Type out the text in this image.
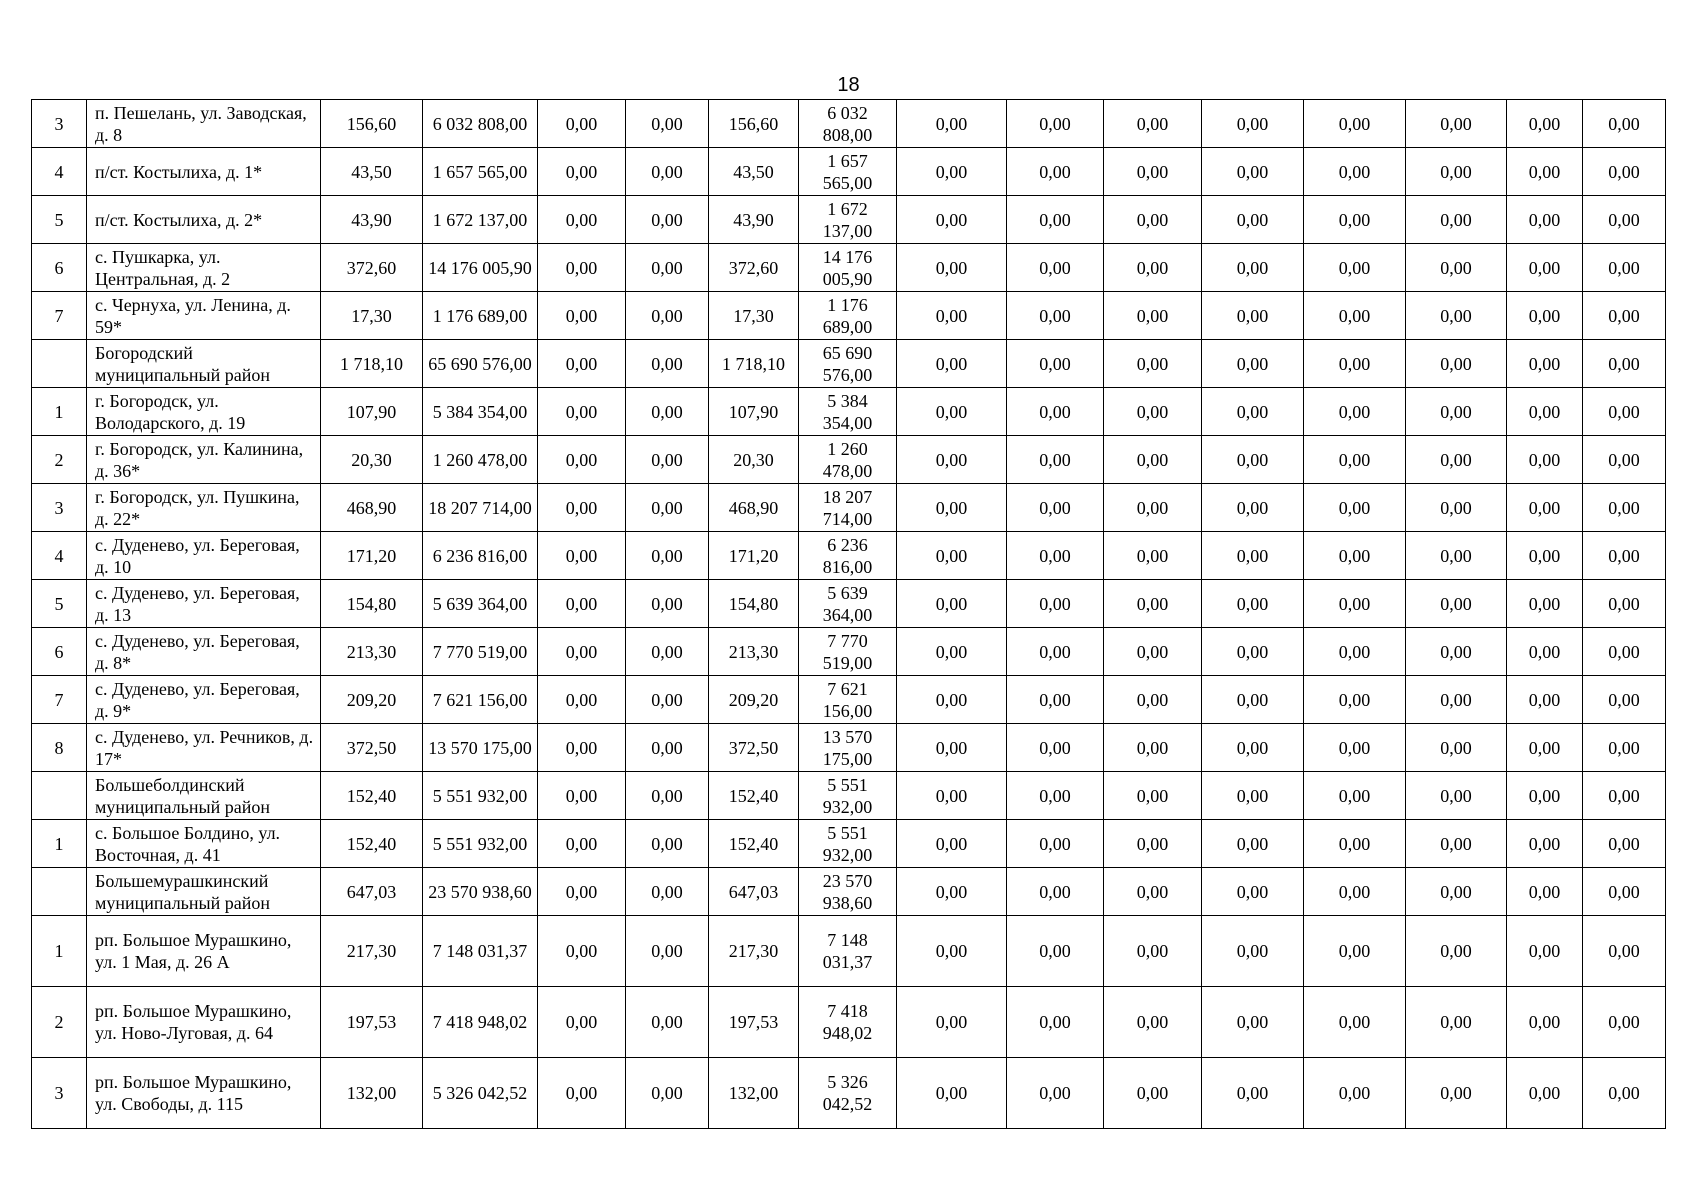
18
3	п. Пешелань, ул. Заводская, д. 8	156,60	6 032 808,00	0,00	0,00	156,60	6 032 808,00	0,00	0,00	0,00	0,00	0,00	0,00	0,00	0,00
4	п/ст. Костылиха, д. 1*	43,50	1 657 565,00	0,00	0,00	43,50	1 657 565,00	0,00	0,00	0,00	0,00	0,00	0,00	0,00	0,00
5	п/ст. Костылиха, д. 2*	43,90	1 672 137,00	0,00	0,00	43,90	1 672 137,00	0,00	0,00	0,00	0,00	0,00	0,00	0,00	0,00
6	с. Пушкарка, ул. Центральная, д. 2	372,60	14 176 005,90	0,00	0,00	372,60	14 176 005,90	0,00	0,00	0,00	0,00	0,00	0,00	0,00	0,00
7	с. Чернуха, ул. Ленина, д. 59*	17,30	1 176 689,00	0,00	0,00	17,30	1 176 689,00	0,00	0,00	0,00	0,00	0,00	0,00	0,00	0,00
	Богородский муниципальный район	1 718,10	65 690 576,00	0,00	0,00	1 718,10	65 690 576,00	0,00	0,00	0,00	0,00	0,00	0,00	0,00	0,00
1	г. Богородск, ул. Володарского, д. 19	107,90	5 384 354,00	0,00	0,00	107,90	5 384 354,00	0,00	0,00	0,00	0,00	0,00	0,00	0,00	0,00
2	г. Богородск, ул. Калинина, д. 36*	20,30	1 260 478,00	0,00	0,00	20,30	1 260 478,00	0,00	0,00	0,00	0,00	0,00	0,00	0,00	0,00
3	г. Богородск, ул. Пушкина, д. 22*	468,90	18 207 714,00	0,00	0,00	468,90	18 207 714,00	0,00	0,00	0,00	0,00	0,00	0,00	0,00	0,00
4	с. Дуденево, ул. Береговая, д. 10	171,20	6 236 816,00	0,00	0,00	171,20	6 236 816,00	0,00	0,00	0,00	0,00	0,00	0,00	0,00	0,00
5	с. Дуденево, ул. Береговая, д. 13	154,80	5 639 364,00	0,00	0,00	154,80	5 639 364,00	0,00	0,00	0,00	0,00	0,00	0,00	0,00	0,00
6	с. Дуденево, ул. Береговая, д. 8*	213,30	7 770 519,00	0,00	0,00	213,30	7 770 519,00	0,00	0,00	0,00	0,00	0,00	0,00	0,00	0,00
7	с. Дуденево, ул. Береговая, д. 9*	209,20	7 621 156,00	0,00	0,00	209,20	7 621 156,00	0,00	0,00	0,00	0,00	0,00	0,00	0,00	0,00
8	с. Дуденево, ул. Речников, д. 17*	372,50	13 570 175,00	0,00	0,00	372,50	13 570 175,00	0,00	0,00	0,00	0,00	0,00	0,00	0,00	0,00
	Большеболдинский муниципальный район	152,40	5 551 932,00	0,00	0,00	152,40	5 551 932,00	0,00	0,00	0,00	0,00	0,00	0,00	0,00	0,00
1	с. Большое Болдино, ул. Восточная, д. 41	152,40	5 551 932,00	0,00	0,00	152,40	5 551 932,00	0,00	0,00	0,00	0,00	0,00	0,00	0,00	0,00
	Большемурашкинский муниципальный район	647,03	23 570 938,60	0,00	0,00	647,03	23 570 938,60	0,00	0,00	0,00	0,00	0,00	0,00	0,00	0,00
1	рп. Большое Мурашкино, ул. 1 Мая, д. 26 А	217,30	7 148 031,37	0,00	0,00	217,30	7 148 031,37	0,00	0,00	0,00	0,00	0,00	0,00	0,00	0,00
2	рп. Большое Мурашкино, ул. Ново-Луговая, д. 64	197,53	7 418 948,02	0,00	0,00	197,53	7 418 948,02	0,00	0,00	0,00	0,00	0,00	0,00	0,00	0,00
3	рп. Большое Мурашкино, ул. Свободы, д. 115	132,00	5 326 042,52	0,00	0,00	132,00	5 326 042,52	0,00	0,00	0,00	0,00	0,00	0,00	0,00	0,00
